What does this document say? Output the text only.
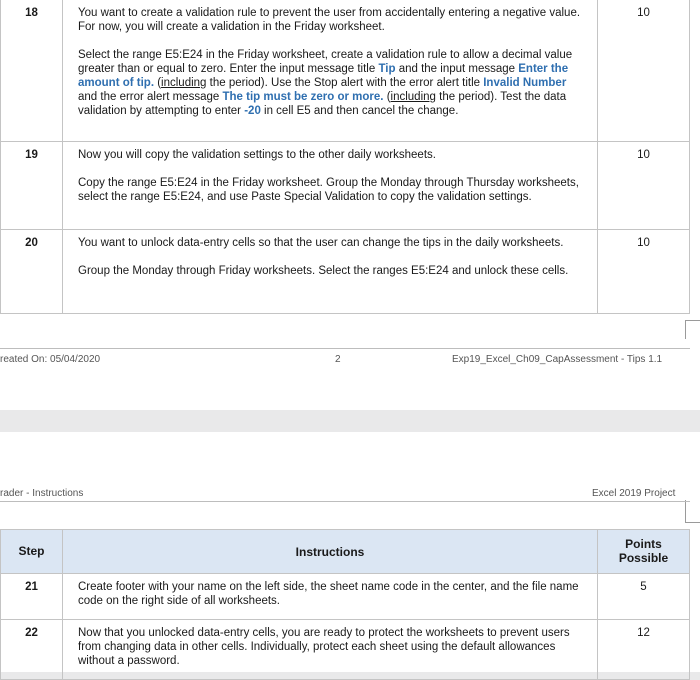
18	You want to create a validation rule to prevent the user from accidentally entering a negative value. For now, you will create a validation in the Friday worksheet.

Select the range E5:E24 in the Friday worksheet, create a validation rule to allow a decimal value greater than or equal to zero. Enter the input message title Tip and the input message Enter the amount of tip. (including the period). Use the Stop alert with the error alert title Invalid Number and the error alert message The tip must be zero or more. (including the period). Test the data validation by attempting to enter -20 in cell E5 and then cancel the change.	10
19	Now you will copy the validation settings to the other daily worksheets.

Copy the range E5:E24 in the Friday worksheet. Group the Monday through Thursday worksheets, select the range E5:E24, and use Paste Special Validation to copy the validation settings.	10
20	You want to unlock data-entry cells so that the user can change the tips in the daily worksheets.

Group the Monday through Friday worksheets. Select the ranges E5:E24 and unlock these cells.	10
reated On: 05/04/2020	2	Exp19_Excel_Ch09_CapAssessment - Tips 1.1
rader - Instructions	Excel 2019 Project
Step	Instructions	Points Possible
21	Create footer with your name on the left side, the sheet name code in the center, and the file name code on the right side of all worksheets.	5
22	Now that you unlocked data-entry cells, you are ready to protect the worksheets to prevent users from changing data in other cells. Individually, protect each sheet using the default allowances without a password.	12
